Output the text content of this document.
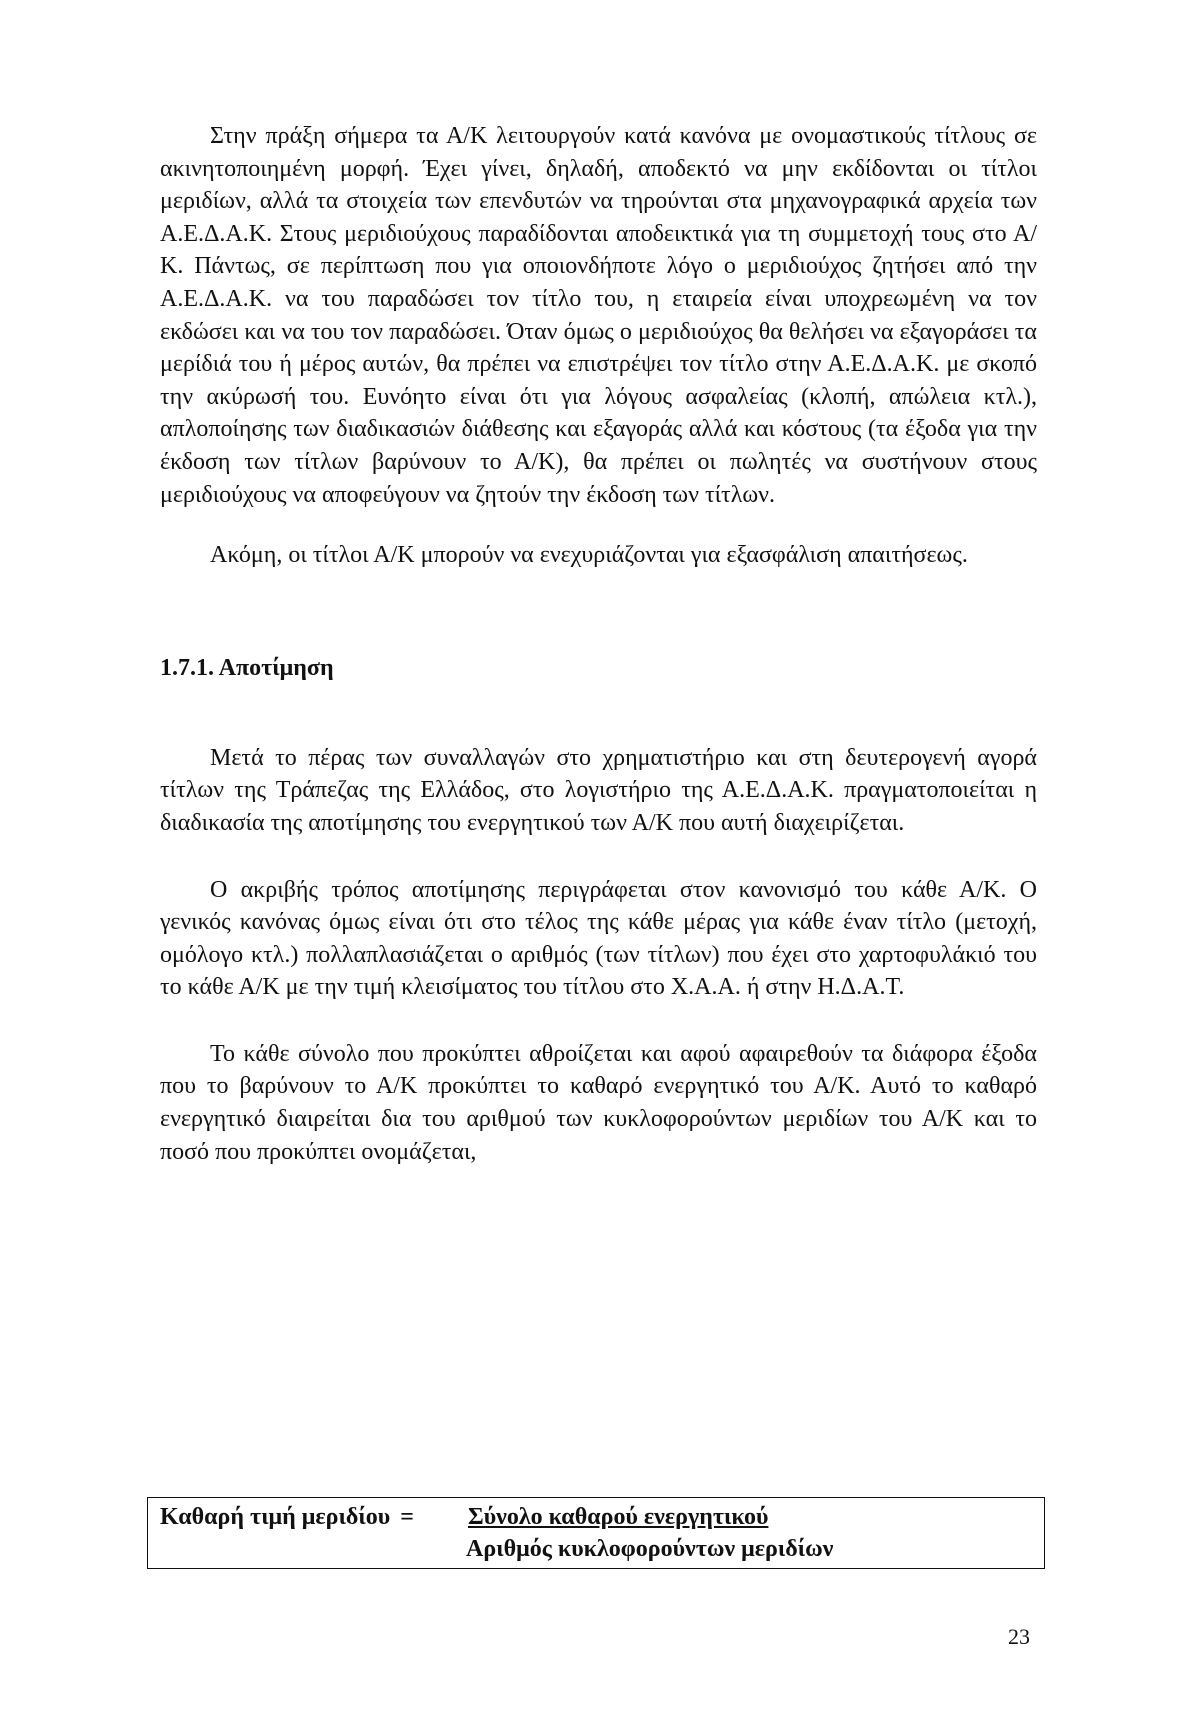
Στην πράξη σήμερα τα Α/Κ λειτουργούν κατά κανόνα με ονομαστικούς τίτλους σε ακινητοποιημένη μορφή. Έχει γίνει, δηλαδή, αποδεκτό να μην εκδίδονται οι τίτλοι μεριδίων, αλλά τα στοιχεία των επενδυτών να τηρούνται στα μηχανογραφικά αρχεία των Α.Ε.Δ.Α.Κ. Στους μεριδιούχους παραδίδονται αποδεικτικά για τη συμμετοχή τους στο Α/Κ. Πάντως, σε περίπτωση που για οποιονδήποτε λόγο ο μεριδιούχος ζητήσει από την Α.Ε.Δ.Α.Κ. να του παραδώσει τον τίτλο του, η εταιρεία είναι υποχρεωμένη να τον εκδώσει και να του τον παραδώσει. Όταν όμως ο μεριδιούχος θα θελήσει να εξαγοράσει τα μερίδιά του ή μέρος αυτών, θα πρέπει να επιστρέψει τον τίτλο στην Α.Ε.Δ.Α.Κ. με σκοπό την ακύρωσή του. Ευνόητο είναι ότι για λόγους ασφαλείας (κλοπή, απώλεια κτλ.), απλοποίησης των διαδικασιών διάθεσης και εξαγοράς αλλά και κόστους (τα έξοδα για την έκδοση των τίτλων βαρύνουν το Α/Κ), θα πρέπει οι πωλητές να συστήνουν στους μεριδιούχους να αποφεύγουν να ζητούν την έκδοση των τίτλων.

Ακόμη, οι τίτλοι Α/Κ μπορούν να ενεχυριάζονται για εξασφάλιση απαιτήσεως.

1.7.1. Αποτίμηση

Μετά το πέρας των συναλλαγών στο χρηματιστήριο και στη δευτερογενή αγορά τίτλων της Τράπεζας της Ελλάδος, στο λογιστήριο της Α.Ε.Δ.Α.Κ. πραγματοποιείται η διαδικασία της αποτίμησης του ενεργητικού των Α/Κ που αυτή διαχειρίζεται.

Ο ακριβής τρόπος αποτίμησης περιγράφεται στον κανονισμό του κάθε Α/Κ. Ο γενικός κανόνας όμως είναι ότι στο τέλος της κάθε μέρας για κάθε έναν τίτλο (μετοχή, ομόλογο κτλ.) πολλαπλασιάζεται ο αριθμός (των τίτλων) που έχει στο χαρτοφυλάκιό του το κάθε Α/Κ με την τιμή κλεισίματος του τίτλου στο Χ.Α.Α. ή στην Η.Δ.Α.Τ.

Το κάθε σύνολο που προκύπτει αθροίζεται και αφού αφαιρεθούν τα διάφορα έξοδα που το βαρύνουν το Α/Κ προκύπτει το καθαρό ενεργητικό του Α/Κ. Αυτό το καθαρό ενεργητικό διαιρείται δια του αριθμού των κυκλοφορούντων μεριδίων του Α/Κ και το ποσό που προκύπτει ονομάζεται,

Καθαρή τιμή μεριδίου = Σύνολο καθαρού ενεργητικού
Αριθμός κυκλοφορούντων μεριδίων
23
